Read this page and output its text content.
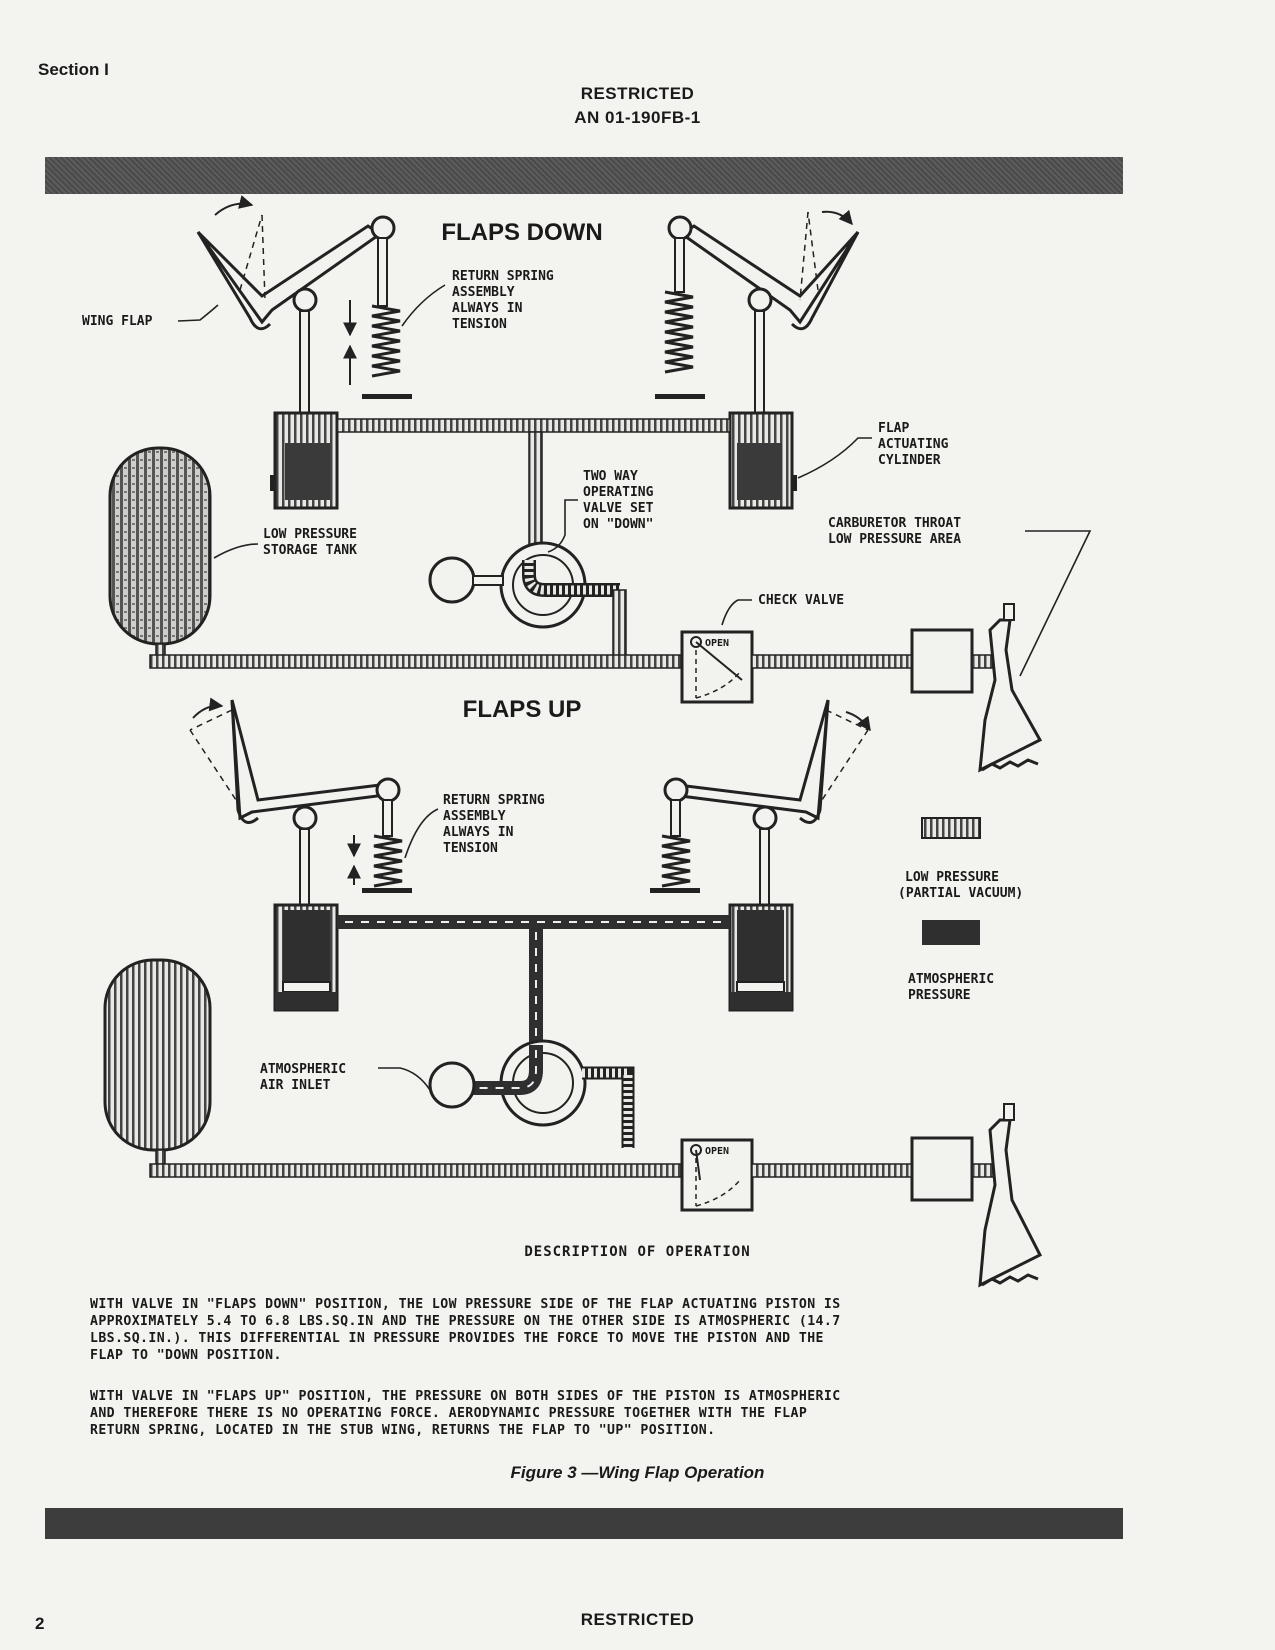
Section I
RESTRICTED
AN 01-190FB-1
FLAPS DOWN
WING FLAP
RETURN SPRING ASSEMBLY ALWAYS IN TENSION
FLAP ACTUATING CYLINDER
TWO WAY OPERATING VALVE SET ON "DOWN"
LOW PRESSURE STORAGE TANK
OPEN
CHECK VALVE
CARBURETOR THROAT LOW PRESSURE AREA
FLAPS UP
RETURN SPRING ASSEMBLY ALWAYS IN TENSION
ATMOSPHERIC AIR INLET
OPEN
LOW PRESSURE (PARTIAL VACUUM)
ATMOSPHERIC PRESSURE
DESCRIPTION OF OPERATION
WITH VALVE IN "FLAPS DOWN" POSITION, THE LOW PRESSURE SIDE OF THE FLAP ACTUATING PISTON IS
APPROXIMATELY 5.4 TO 6.8 LBS.SQ.IN AND THE PRESSURE ON THE OTHER SIDE IS ATMOSPHERIC (14.7
LBS.SQ.IN.). THIS DIFFERENTIAL IN PRESSURE PROVIDES THE FORCE TO MOVE THE PISTON AND THE
FLAP TO "DOWN POSITION.
WITH VALVE IN "FLAPS UP" POSITION, THE PRESSURE ON BOTH SIDES OF THE PISTON IS ATMOSPHERIC
AND THEREFORE THERE IS NO OPERATING FORCE. AERODYNAMIC PRESSURE TOGETHER WITH THE FLAP
RETURN SPRING, LOCATED IN THE STUB WING, RETURNS THE FLAP TO "UP" POSITION.
Figure 3 —Wing Flap Operation
2	RESTRICTED
